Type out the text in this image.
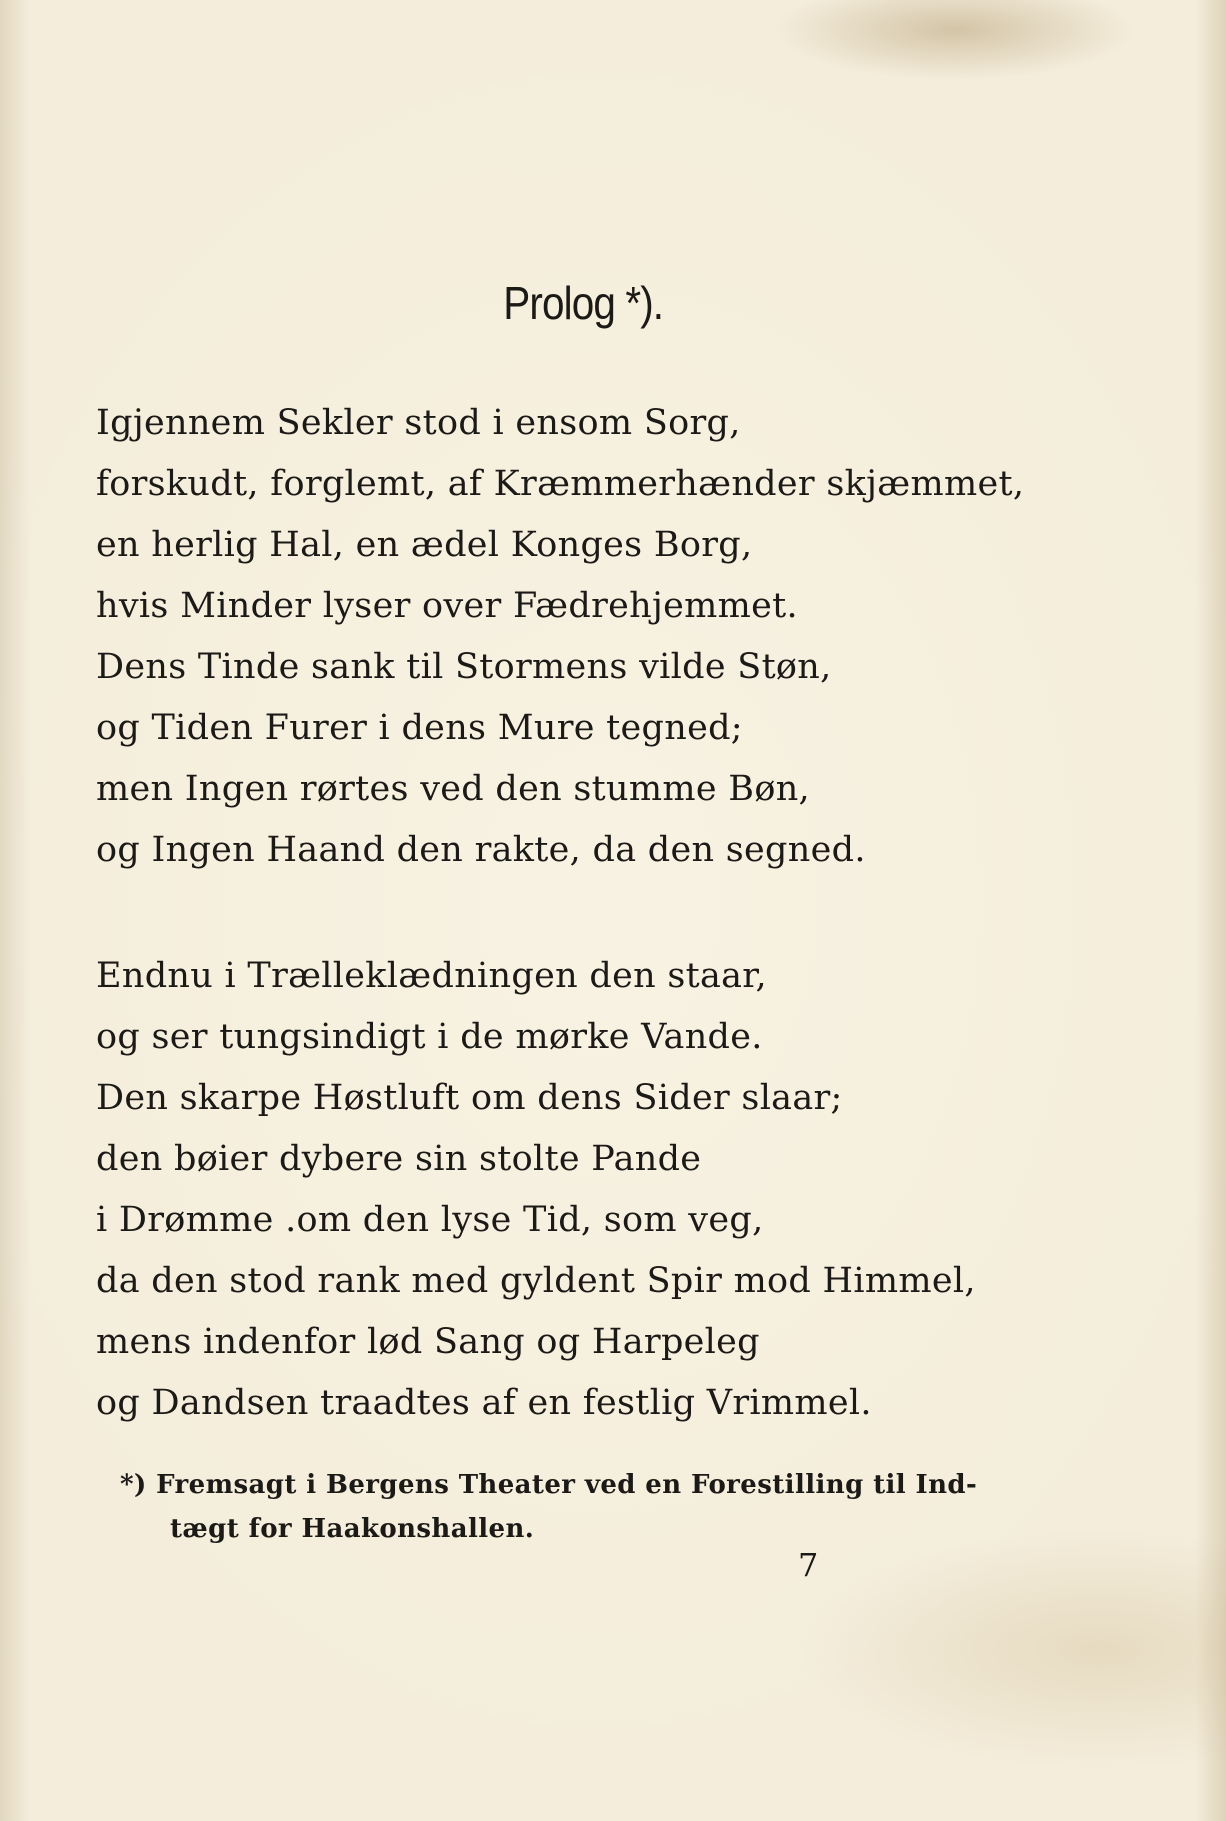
Prolog *).
Igjennem Sekler stod i ensom Sorg,
forskudt, forglemt, af Kræmmerhænder skjæmmet,
en herlig Hal, en ædel Konges Borg,
hvis Minder lyser over Fædrehjemmet.
Dens Tinde sank til Stormens vilde Støn,
og Tiden Furer i dens Mure tegned;
men Ingen rørtes ved den stumme Bøn,
og Ingen Haand den rakte, da den segned.
Endnu i Trælleklædningen den staar,
og ser tungsindigt i de mørke Vande.
Den skarpe Høstluft om dens Sider slaar;
den bøier dybere sin stolte Pande
i Drømme .om den lyse Tid, som veg,
da den stod rank med gyldent Spir mod Himmel,
mens indenfor lød Sang og Harpeleg
og Dandsen traadtes af en festlig Vrimmel.
*) Fremsagt i Bergens Theater ved en Forestilling til Ind-
tægt for Haakonshallen.
7
